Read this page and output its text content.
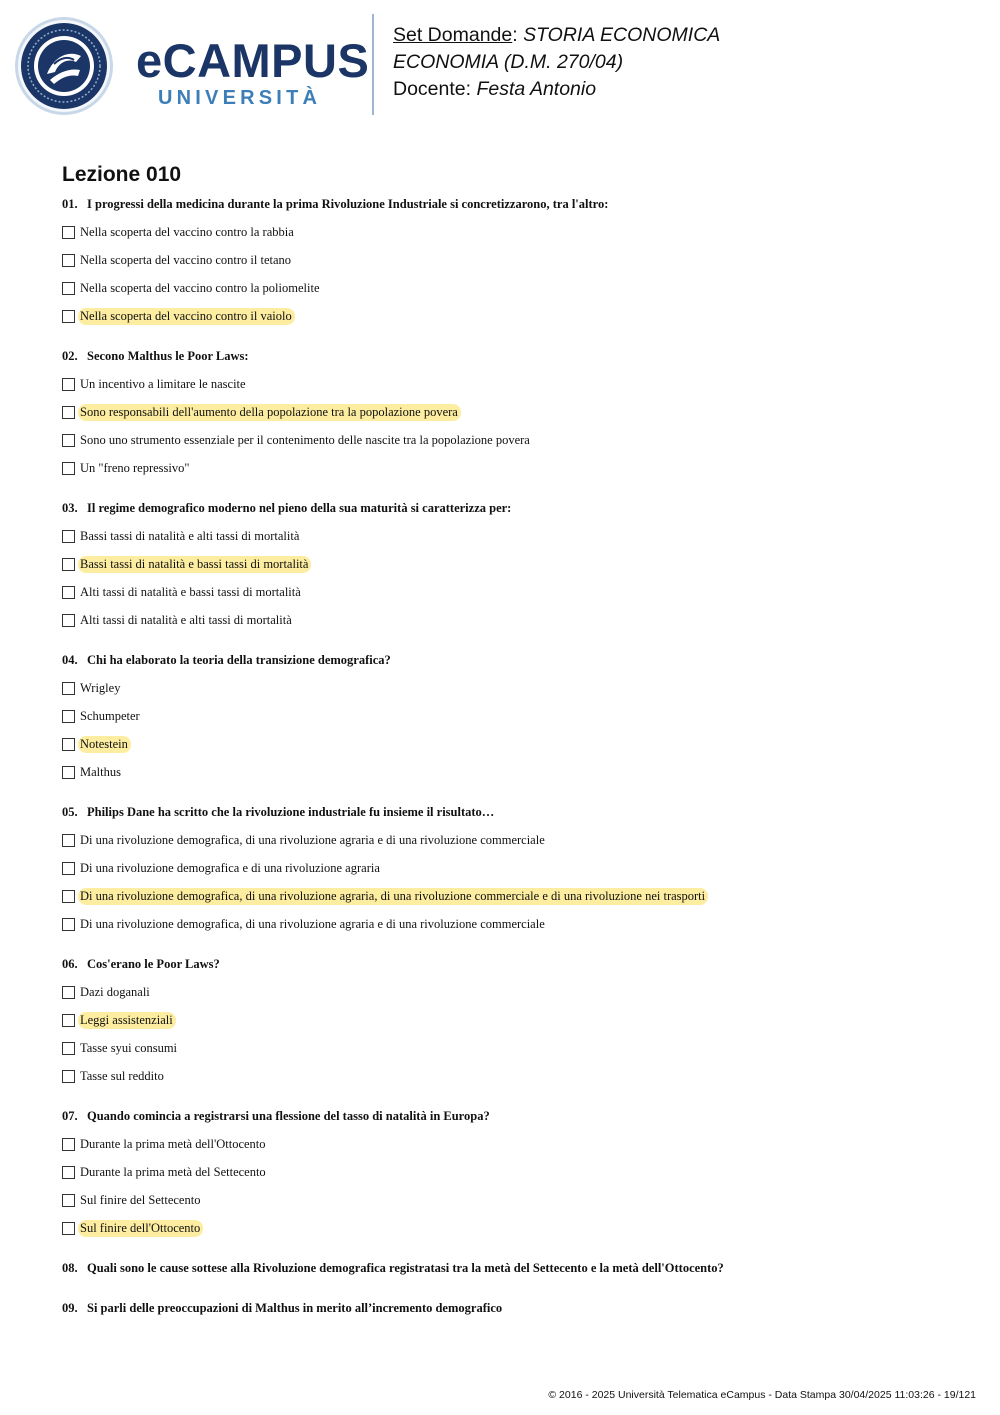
eCAMPUS
UNIVERSITÀ
Set Domande: STORIA ECONOMICA
ECONOMIA (D.M. 270/04)
Docente: Festa Antonio
Lezione 010

01. I progressi della medicina durante la prima Rivoluzione Industriale si concretizzarono, tra l'altro:

Nella scoperta del vaccino contro la rabbia
Nella scoperta del vaccino contro il tetano
Nella scoperta del vaccino contro la poliomelite
Nella scoperta del vaccino contro il vaiolo

02. Secono Malthus le Poor Laws:

Un incentivo a limitare le nascite
Sono responsabili dell'aumento della popolazione tra la popolazione povera
Sono uno strumento essenziale per il contenimento delle nascite tra la popolazione povera
Un "freno repressivo"

03. Il regime demografico moderno nel pieno della sua maturità si caratterizza per:

Bassi tassi di natalità e alti tassi di mortalità
Bassi tassi di natalità e bassi tassi di mortalità
Alti tassi di natalità e bassi tassi di mortalità
Alti tassi di natalità e alti tassi di mortalità

04. Chi ha elaborato la teoria della transizione demografica?

Wrigley
Schumpeter
Notestein
Malthus

05. Philips Dane ha scritto che la rivoluzione industriale fu insieme il risultato…

Di una rivoluzione demografica, di una rivoluzione agraria e di una rivoluzione commerciale
Di una rivoluzione demografica e di una rivoluzione agraria
Di una rivoluzione demografica, di una rivoluzione agraria, di una rivoluzione commerciale e di una rivoluzione nei trasporti
Di una rivoluzione demografica, di una rivoluzione agraria e di una rivoluzione commerciale

06. Cos'erano le Poor Laws?

Dazi doganali
Leggi assistenziali
Tasse syui consumi
Tasse sul reddito

07. Quando comincia a registrarsi una flessione del tasso di natalità in Europa?

Durante la prima metà dell'Ottocento
Durante la prima metà del Settecento
Sul finire del Settecento
Sul finire dell'Ottocento

08. Quali sono le cause sottese alla Rivoluzione demografica registratasi tra la metà del Settecento e la metà dell'Ottocento?

09. Si parli delle preoccupazioni di Malthus in merito all’incremento demografico

© 2016 - 2025 Università Telematica eCampus - Data Stampa 30/04/2025 11:03:26 - 19/121
